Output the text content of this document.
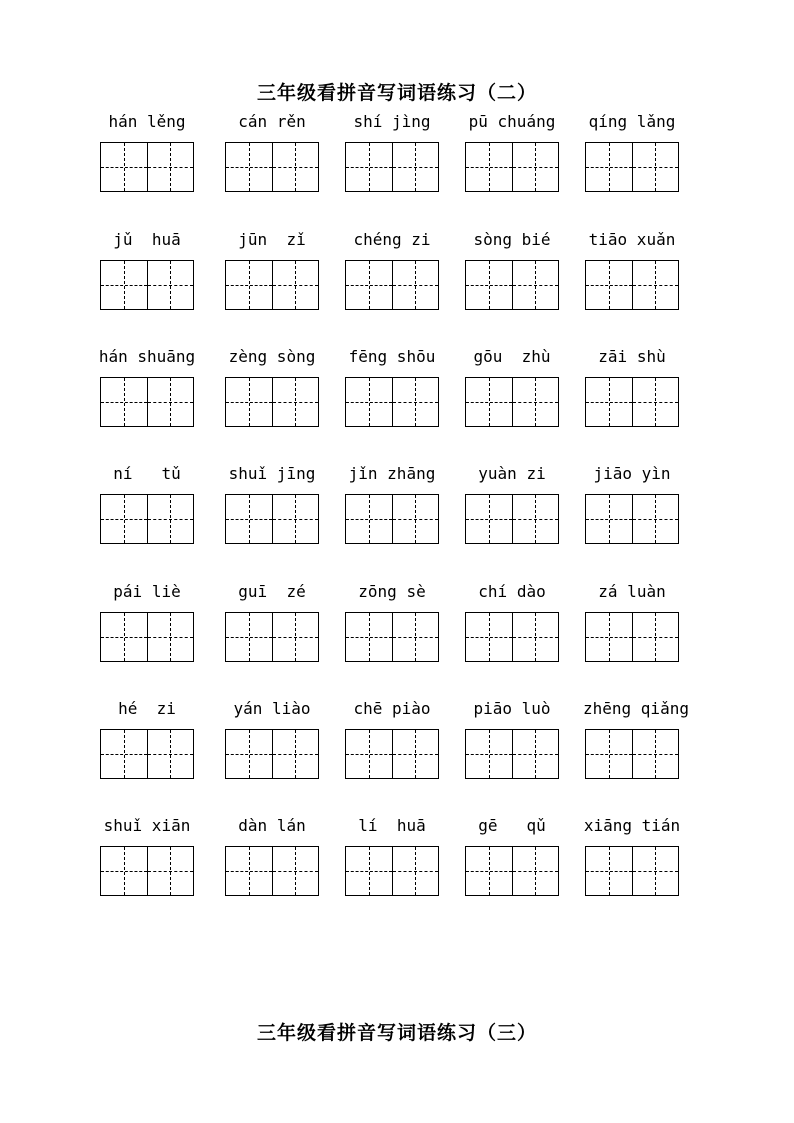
三年级看拼音写词语练习（二）
hán lěng	cán rěn	shí jìng	pū chuáng	qíng lǎng
jǔ  huā	jūn  zǐ	chéng zi	sòng bié	tiāo xuǎn
hán shuāng	zèng sòng	fēng shōu	gōu  zhù	zāi shù
ní   tǔ	shuǐ jīng	jǐn zhāng	yuàn zi	jiāo yìn
pái liè	guī  zé	zōng sè	chí dào	zá luàn
hé  zi	yán liào	chē piào	piāo luò	zhēng qiǎng
shuǐ xiān	dàn lán	lí  huā	gē   qǔ	xiāng tián
三年级看拼音写词语练习（三）
